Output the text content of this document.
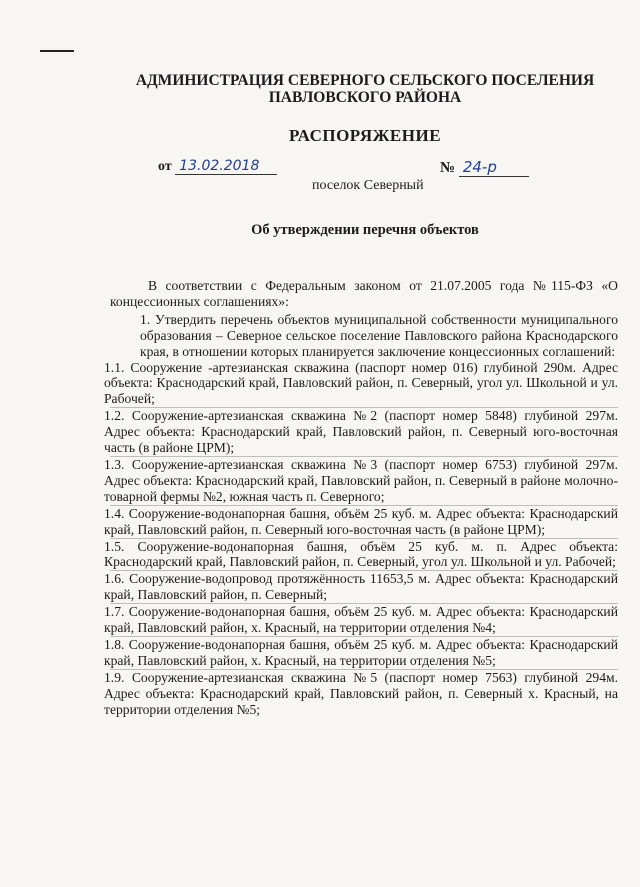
АДМИНИСТРАЦИЯ СЕВЕРНОГО СЕЛЬСКОГО ПОСЕЛЕНИЯ
ПАВЛОВСКОГО РАЙОНА
РАСПОРЯЖЕНИЕ
от 13.02.2018	№ 24-р
поселок Северный
Об утверждении перечня объектов

В соответствии с Федеральным законом от 21.07.2005 года №115-ФЗ «О концессионных соглашениях»:

1. Утвердить перечень объектов муниципальной собственности муниципального образования – Северное сельское поселение Павловского района Краснодарского края, в отношении которых планируется заключение концессионных соглашений:

1.1. Сооружение -артезианская скважина (паспорт номер 016) глубиной 290м. Адрес объекта: Краснодарский край, Павловский район, п. Северный, угол ул. Школьной и ул. Рабочей;

1.2. Сооружение-артезианская скважина №2 (паспорт номер 5848) глубиной 297м. Адрес объекта: Краснодарский край, Павловский район, п. Северный юго-восточная часть (в районе ЦРМ);

1.3. Сооружение-артезианская скважина №3 (паспорт номер 6753) глубиной 297м. Адрес объекта: Краснодарский край, Павловский район, п. Северный в районе молочно-товарной фермы №2, южная часть п. Северного;

1.4. Сооружение-водонапорная башня, объём 25 куб. м. Адрес объекта: Краснодарский край, Павловский район, п. Северный юго-восточная часть (в районе ЦРМ);

1.5. Сооружение-водонапорная башня, объём 25 куб. м. п. Адрес объекта: Краснодарский край, Павловский район, п. Северный, угол ул. Школьной и ул. Рабочей;

1.6. Сооружение-водопровод протяжённость 11653,5 м. Адрес объекта: Краснодарский край, Павловский район, п. Северный;

1.7. Сооружение-водонапорная башня, объём 25 куб. м. Адрес объекта: Краснодарский край, Павловский район, х. Красный, на территории отделения №4;

1.8. Сооружение-водонапорная башня, объём 25 куб. м. Адрес объекта: Краснодарский край, Павловский район, х. Красный, на территории отделения №5;

1.9. Сооружение-артезианская скважина №5 (паспорт номер 7563) глубиной 294м. Адрес объекта: Краснодарский край, Павловский район, п. Северный х. Красный, на территории отделения №5;
